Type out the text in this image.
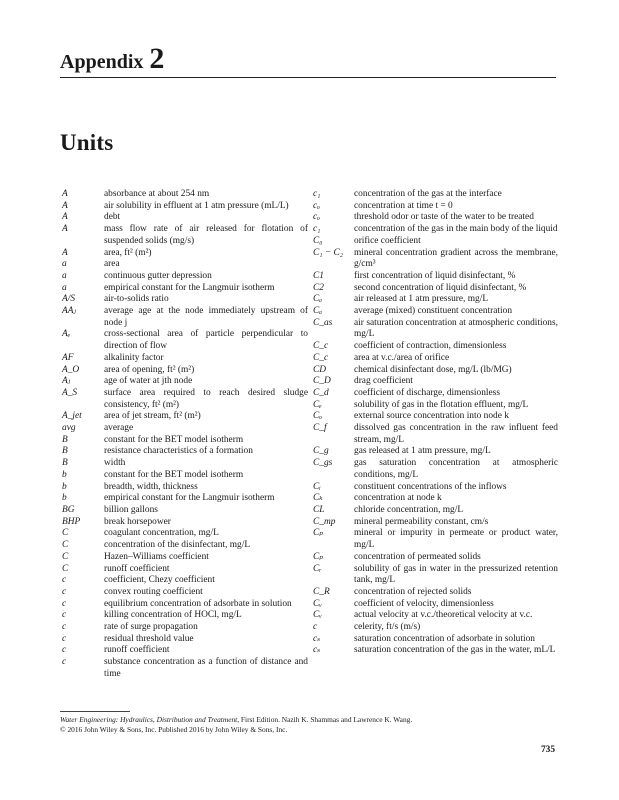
Appendix 2
Units
A	absorbance at about 254 nm
A	air solubility in effluent at 1 atm pressure (mL/L)
A	debt
A	mass flow rate of air released for flotation of suspended solids (mg/s)
A	area, ft² (m²)
a	area
a	continuous gutter depression
a	empirical constant for the Langmuir isotherm
A/S	air-to-solids ratio
AAⱼ	average age at the node immediately upstream of node j
Aₑ	cross-sectional area of particle perpendicular to direction of flow
AF	alkalinity factor
A_O	area of opening, ft² (m²)
Aⱼ	age of water at jth node
A_S	surface area required to reach desired sludge consistency, ft² (m²)
A_jet	area of jet stream, ft² (m²)
avg	average
B	constant for the BET model isotherm
B	resistance characteristics of a formation
B	width
b	constant for the BET model isotherm
b	breadth, width, thickness
b	empirical constant for the Langmuir isotherm
BG	billion gallons
BHP	break horsepower
C	coagulant concentration, mg/L
C	concentration of the disinfectant, mg/L
C	Hazen–Williams coefficient
C	runoff coefficient
c	coefficient, Chezy coefficient
c	convex routing coefficient
c	equilibrium concentration of adsorbate in solution
c	killing concentration of HOCl, mg/L
c	rate of surge propagation
c	residual threshold value
c	runoff coefficient
c	substance concentration as a function of distance and time
c₁	concentration of the gas at the interface
cₒ	concentration at time t = 0
cₒ	threshold odor or taste of the water to be treated
c₁	concentration of the gas in the main body of the liquid
C₀	orifice coefficient
C₁ − C₂	mineral concentration gradient across the membrane, g/cm³
C1	first concentration of liquid disinfectant, %
C2	second concentration of liquid disinfectant, %
Cₐ	air released at 1 atm pressure, mg/L
Cₐ	average (mixed) constituent concentration
C_as	air saturation concentration at atmospheric conditions, mg/L
C_c	coefficient of contraction, dimensionless
C_c	area at v.c./area of orifice
CD	chemical disinfectant dose, mg/L (lb/MG)
C_D	drag coefficient
C_d	coefficient of discharge, dimensionless
Cₑ	solubility of gas in the flotation effluent, mg/L
Cₒ	external source concentration into node k
C_f	dissolved gas concentration in the raw influent feed stream, mg/L
C_g	gas released at 1 atm pressure, mg/L
C_gs	gas saturation concentration at atmospheric conditions, mg/L
Cᵢ	constituent concentrations of the inflows
Cₖ	concentration at node k
CL	chloride concentration, mg/L
C_mp	mineral permeability constant, cm/s
Cₚ	mineral or impurity in permeate or product water, mg/L
Cₚ	concentration of permeated solids
Cᵣ	solubility of gas in water in the pressurized retention tank, mg/L
C_R	concentration of rejected solids
Cᵥ	coefficient of velocity, dimensionless
Cᵥ	actual velocity at v.c./theoretical velocity at v.c.
c	celerity, ft/s (m/s)
cₛ	saturation concentration of adsorbate in solution
cₛ	saturation concentration of the gas in the water, mL/L
Water Engineering: Hydraulics, Distribution and Treatment, First Edition. Nazih K. Shammas and Lawrence K. Wang.
© 2016 John Wiley & Sons, Inc. Published 2016 by John Wiley & Sons, Inc.
735
